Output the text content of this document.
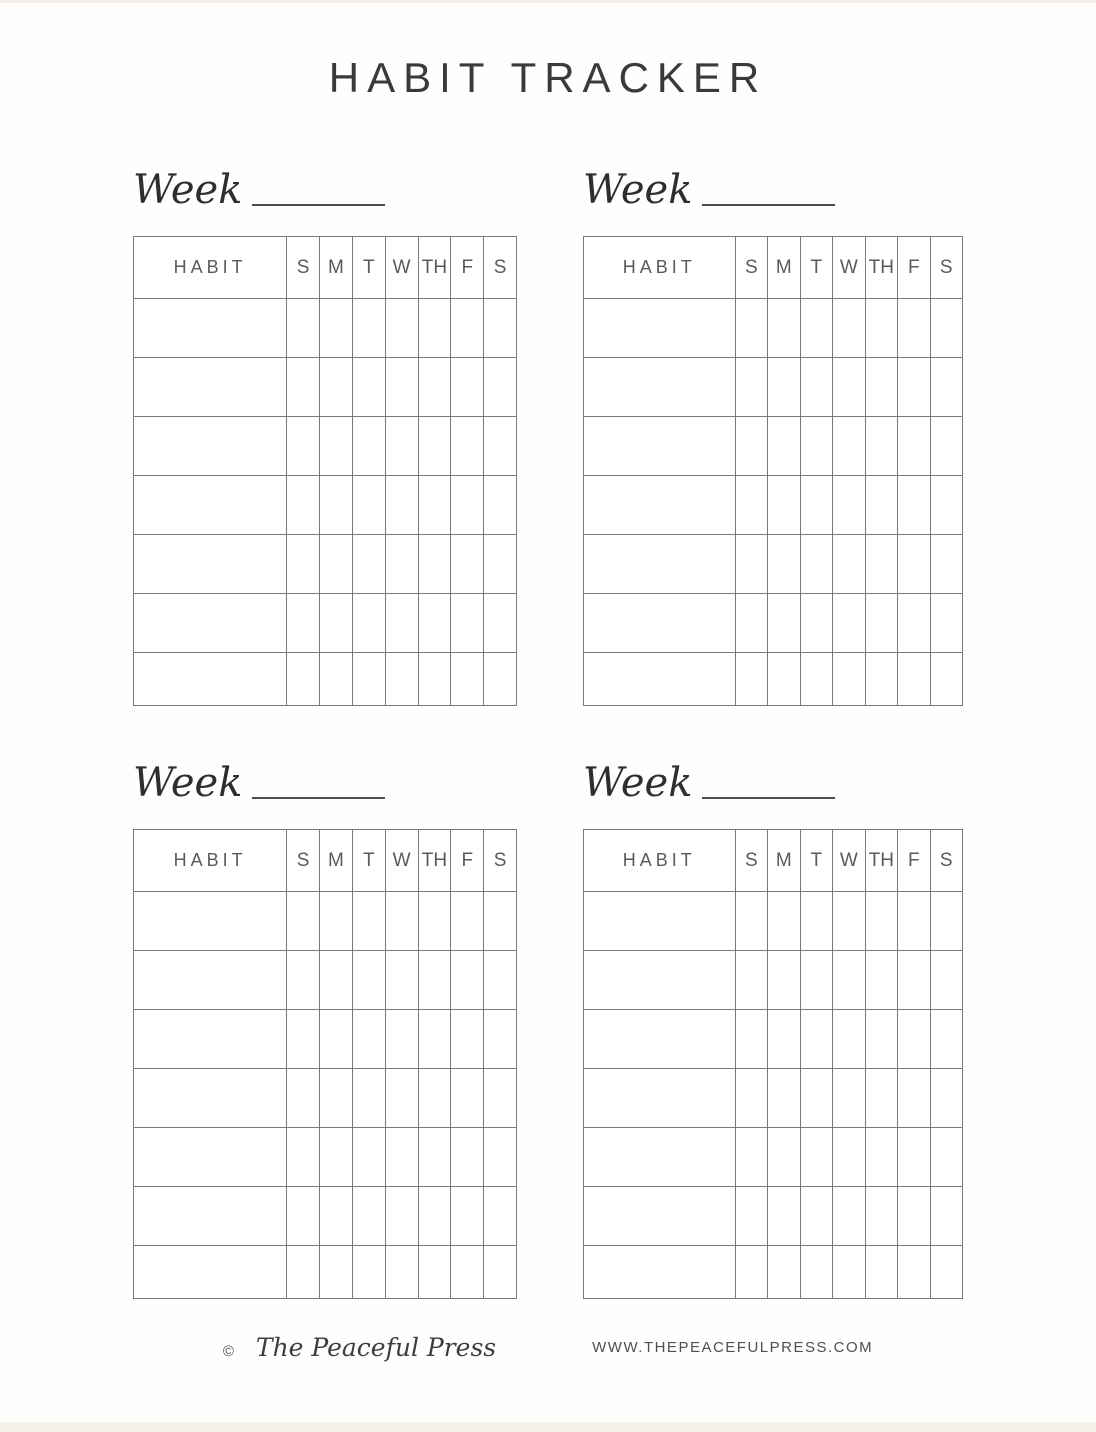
HABIT TRACKER
Week
HABIT	S	M	T	W	TH	F	S

Week
HABIT	S	M	T	W	TH	F	S

Week
HABIT	S	M	T	W	TH	F	S

Week
HABIT	S	M	T	W	TH	F	S

© The Peaceful Press	WWW.THEPEACEFULPRESS.COM
